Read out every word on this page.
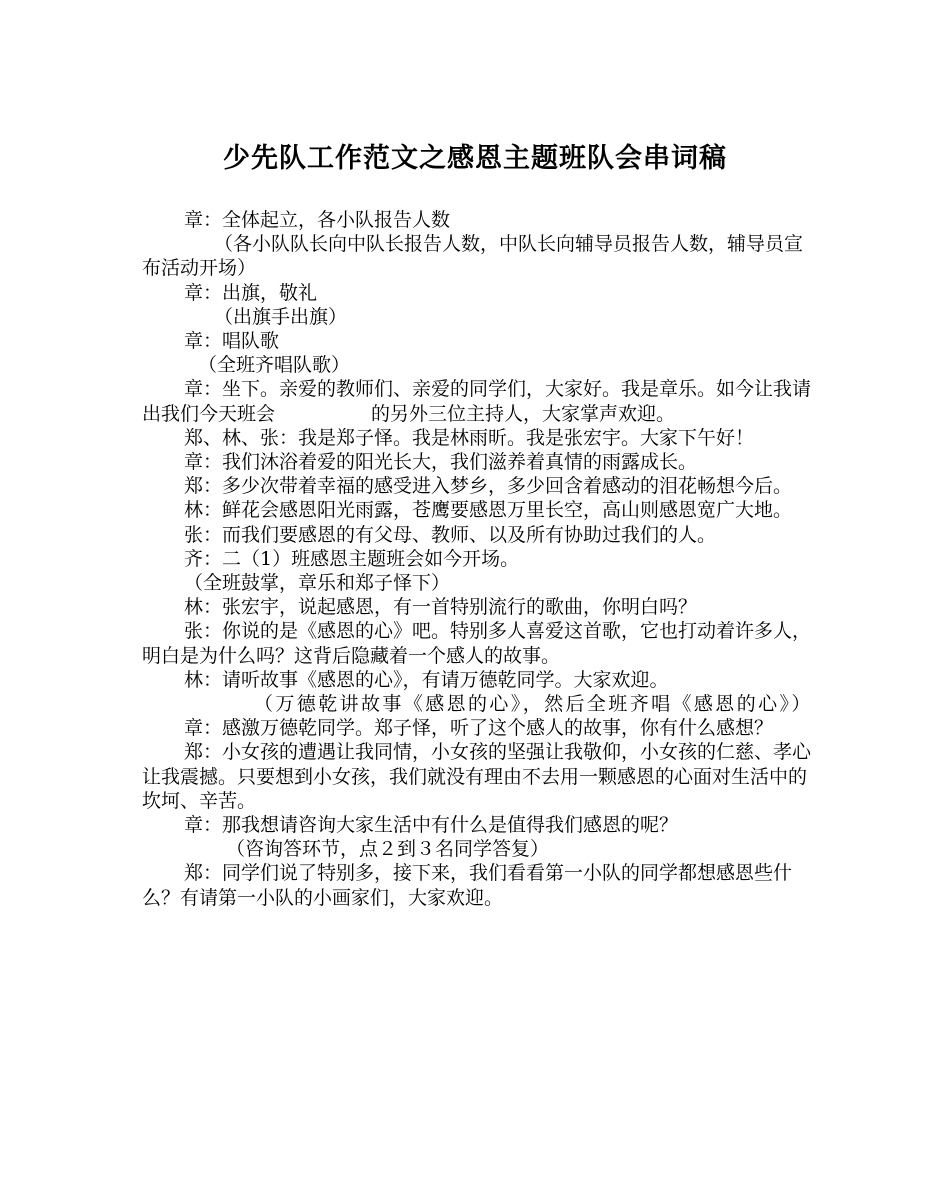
少先队工作范文之感恩主题班队会串词稿

章：全体起立，各小队报告人数

（各小队队长向中队长报告人数，中队长向辅导员报告人数，辅导员宣布活动开场）

章：出旗，敬礼

（出旗手出旗）

章：唱队歌

（全班齐唱队歌）

章：坐下。亲爱的教师们、亲爱的同学们，大家好。我是章乐。如今让我请出我们今天班会	的另外三位主持人，大家掌声欢迎。

郑、林、张：我是郑子怿。我是林雨昕。我是张宏宇。大家下午好！

章：我们沐浴着爱的阳光长大，我们滋养着真情的雨露成长。

郑：多少次带着幸福的感受进入梦乡，多少回含着感动的泪花畅想今后。

林：鲜花会感恩阳光雨露，苍鹰要感恩万里长空，高山则感恩宽广大地。

张：而我们要感恩的有父母、教师、以及所有协助过我们的人。

齐：二（1）班感恩主题班会如今开场。

（全班鼓掌，章乐和郑子怿下）

林：张宏宇，说起感恩，有一首特别流行的歌曲，你明白吗？

张：你说的是《感恩的心》吧。特别多人喜爱这首歌，它也打动着许多人，明白是为什么吗？这背后隐藏着一个感人的故事。

林：请听故事《感恩的心》，有请万德乾同学。大家欢迎。

（万德乾讲故事《感恩的心》，然后全班齐唱《感恩的心》）

章：感激万德乾同学。郑子怿，听了这个感人的故事，你有什么感想？

郑：小女孩的遭遇让我同情，小女孩的坚强让我敬仰，小女孩的仁慈、孝心让我震撼。只要想到小女孩，我们就没有理由不去用一颗感恩的心面对生活中的坎坷、辛苦。

章：那我想请咨询大家生活中有什么是值得我们感恩的呢？

（咨询答环节，点２到３名同学答复）

郑：同学们说了特别多，接下来，我们看看第一小队的同学都想感恩些什么？有请第一小队的小画家们，大家欢迎。
